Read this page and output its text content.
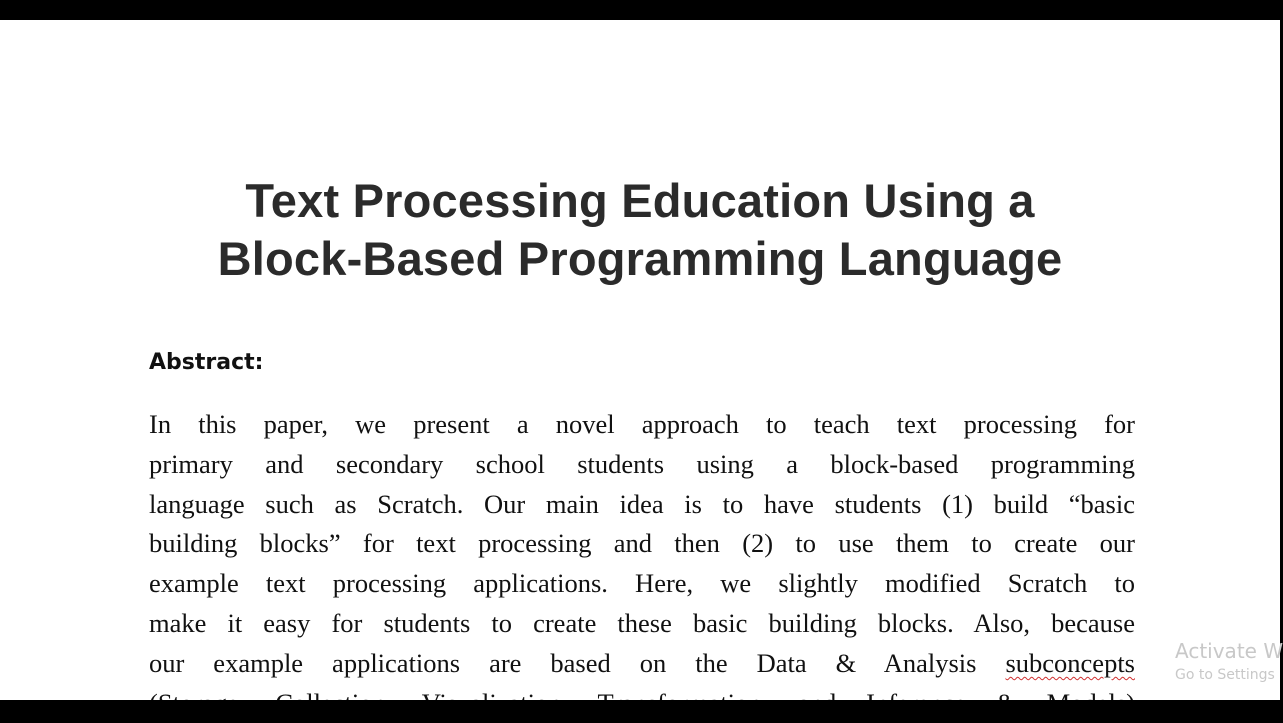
Text Processing Education Using a
Block-Based Programming Language
Abstract:
In this paper, we present a novel approach to teach text processing for
primary and secondary school students using a block-based programming
language such as Scratch. Our main idea is to have students (1) build “basic
building blocks” for text processing and then (2) to use them to create our
example text processing applications. Here, we slightly modified Scratch to
make it easy for students to create these basic building blocks. Also, because
our example applications are based on the Data & Analysis subconcepts Activate W
Go to Settings
